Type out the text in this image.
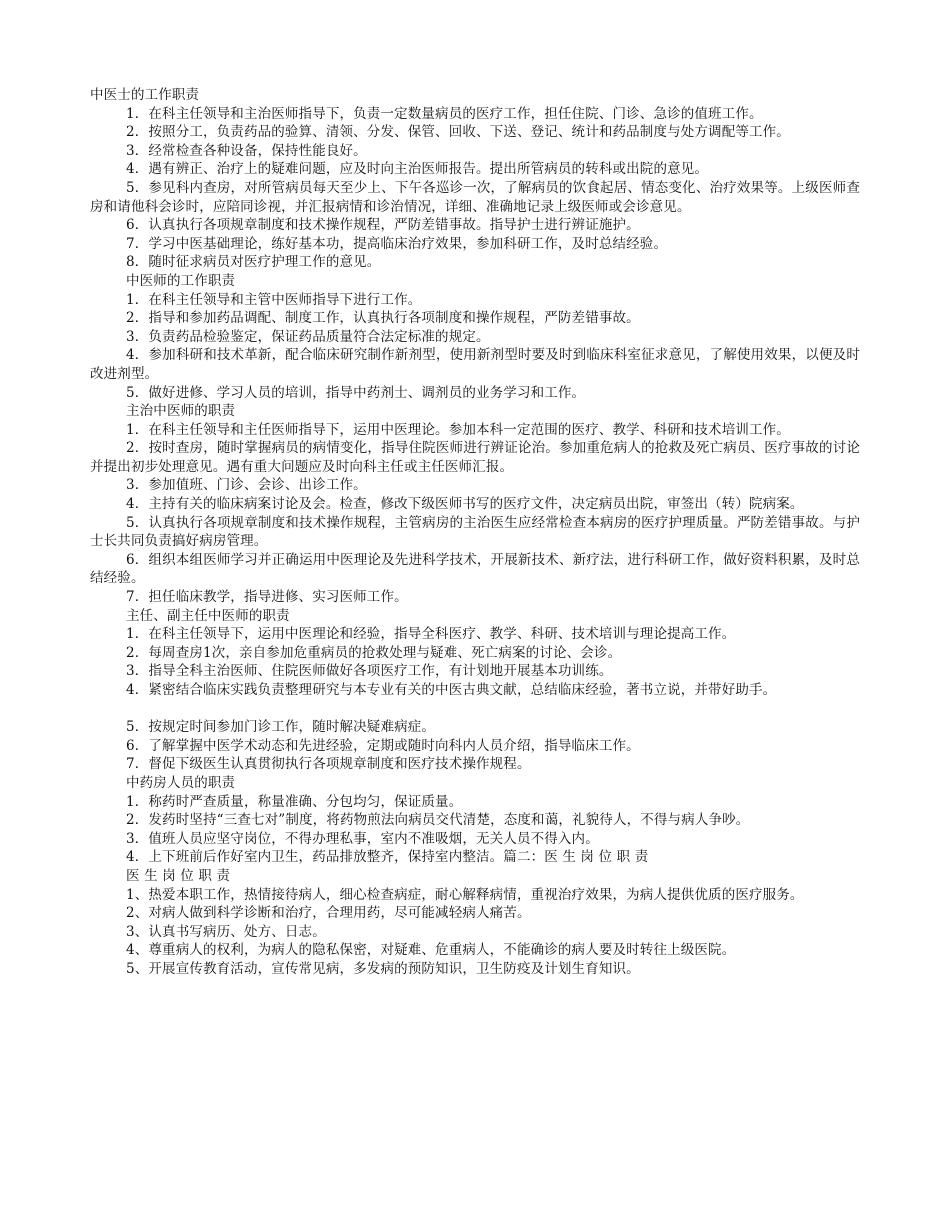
中医士的工作职责

1．在科主任领导和主治医师指导下，负责一定数量病员的医疗工作，担任住院、门诊、急诊的值班工作。

2．按照分工，负责药品的验算、清领、分发、保管、回收、下送、登记、统计和药品制度与处方调配等工作。

3．经常检查各种设备，保持性能良好。

4．遇有辨正、治疗上的疑难问题，应及时向主治医师报告。提出所管病员的转科或出院的意见。

5．参见科内查房，对所管病员每天至少上、下午各巡诊一次，了解病员的饮食起居、情态变化、治疗效果等。上级医师查房和请他科会诊时，应陪同诊视，并汇报病情和诊治情况，详细、准确地记录上级医师或会诊意见。

6．认真执行各项规章制度和技术操作规程，严防差错事故。指导护士进行辨证施护。

7．学习中医基础理论，练好基本功，提高临床治疗效果，参加科研工作，及时总结经验。

8．随时征求病员对医疗护理工作的意见。

中医师的工作职责

1．在科主任领导和主管中医师指导下进行工作。

2．指导和参加药品调配、制度工作，认真执行各项制度和操作规程，严防差错事故。

3．负责药品检验鉴定，保证药品质量符合法定标准的规定。

4．参加科研和技术革新，配合临床研究制作新剂型，使用新剂型时要及时到临床科室征求意见，了解使用效果，以便及时改进剂型。

5．做好进修、学习人员的培训，指导中药剂士、调剂员的业务学习和工作。

主治中医师的职责

1．在科主任领导和主任医师指导下，运用中医理论。参加本科一定范围的医疗、教学、科研和技术培训工作。

2．按时查房，随时掌握病员的病情变化，指导住院医师进行辨证论治。参加重危病人的抢救及死亡病员、医疗事故的讨论并提出初步处理意见。遇有重大问题应及时向科主任或主任医师汇报。

3．参加值班、门诊、会诊、出诊工作。

4．主持有关的临床病案讨论及会。检查，修改下级医师书写的医疗文件，决定病员出院，审签出（转）院病案。

5．认真执行各项规章制度和技术操作规程，主管病房的主治医生应经常检查本病房的医疗护理质量。严防差错事故。与护士长共同负责搞好病房管理。

6．组织本组医师学习并正确运用中医理论及先进科学技术，开展新技术、新疗法，进行科研工作，做好资料积累，及时总结经验。

7．担任临床教学，指导进修、实习医师工作。

主任、副主任中医师的职责

1．在科主任领导下，运用中医理论和经验，指导全科医疗、教学、科研、技术培训与理论提高工作。

2．每周查房1次，亲自参加危重病员的抢救处理与疑难、死亡病案的讨论、会诊。

3．指导全科主治医师、住院医师做好各项医疗工作，有计划地开展基本功训练。

4．紧密结合临床实践负责整理研究与本专业有关的中医古典文献，总结临床经验，著书立说，并带好助手。

5．按规定时间参加门诊工作，随时解决疑难病症。

6．了解掌握中医学术动态和先进经验，定期或随时向科内人员介绍，指导临床工作。

7．督促下级医生认真贯彻执行各项规章制度和医疗技术操作规程。

中药房人员的职责

1．称药时严查质量，称量准确、分包均匀，保证质量。

2．发药时坚持“三查七对”制度，将药物煎法向病员交代清楚，态度和蔼，礼貌待人，不得与病人争吵。

3．值班人员应坚守岗位，不得办理私事，室内不准吸烟，无关人员不得入内。

4．上下班前后作好室内卫生，药品排放整齐，保持室内整洁。篇二：医 生 岗 位 职 责

医 生 岗 位 职 责

1、热爱本职工作，热情接待病人，细心检查病症，耐心解释病情，重视治疗效果，为病人提供优质的医疗服务。

2、对病人做到科学诊断和治疗，合理用药，尽可能减轻病人痛苦。

3、认真书写病历、处方、日志。

4、尊重病人的权利，为病人的隐私保密，对疑难、危重病人，不能确诊的病人要及时转往上级医院。

5、开展宣传教育活动，宣传常见病，多发病的预防知识，卫生防疫及计划生育知识。
